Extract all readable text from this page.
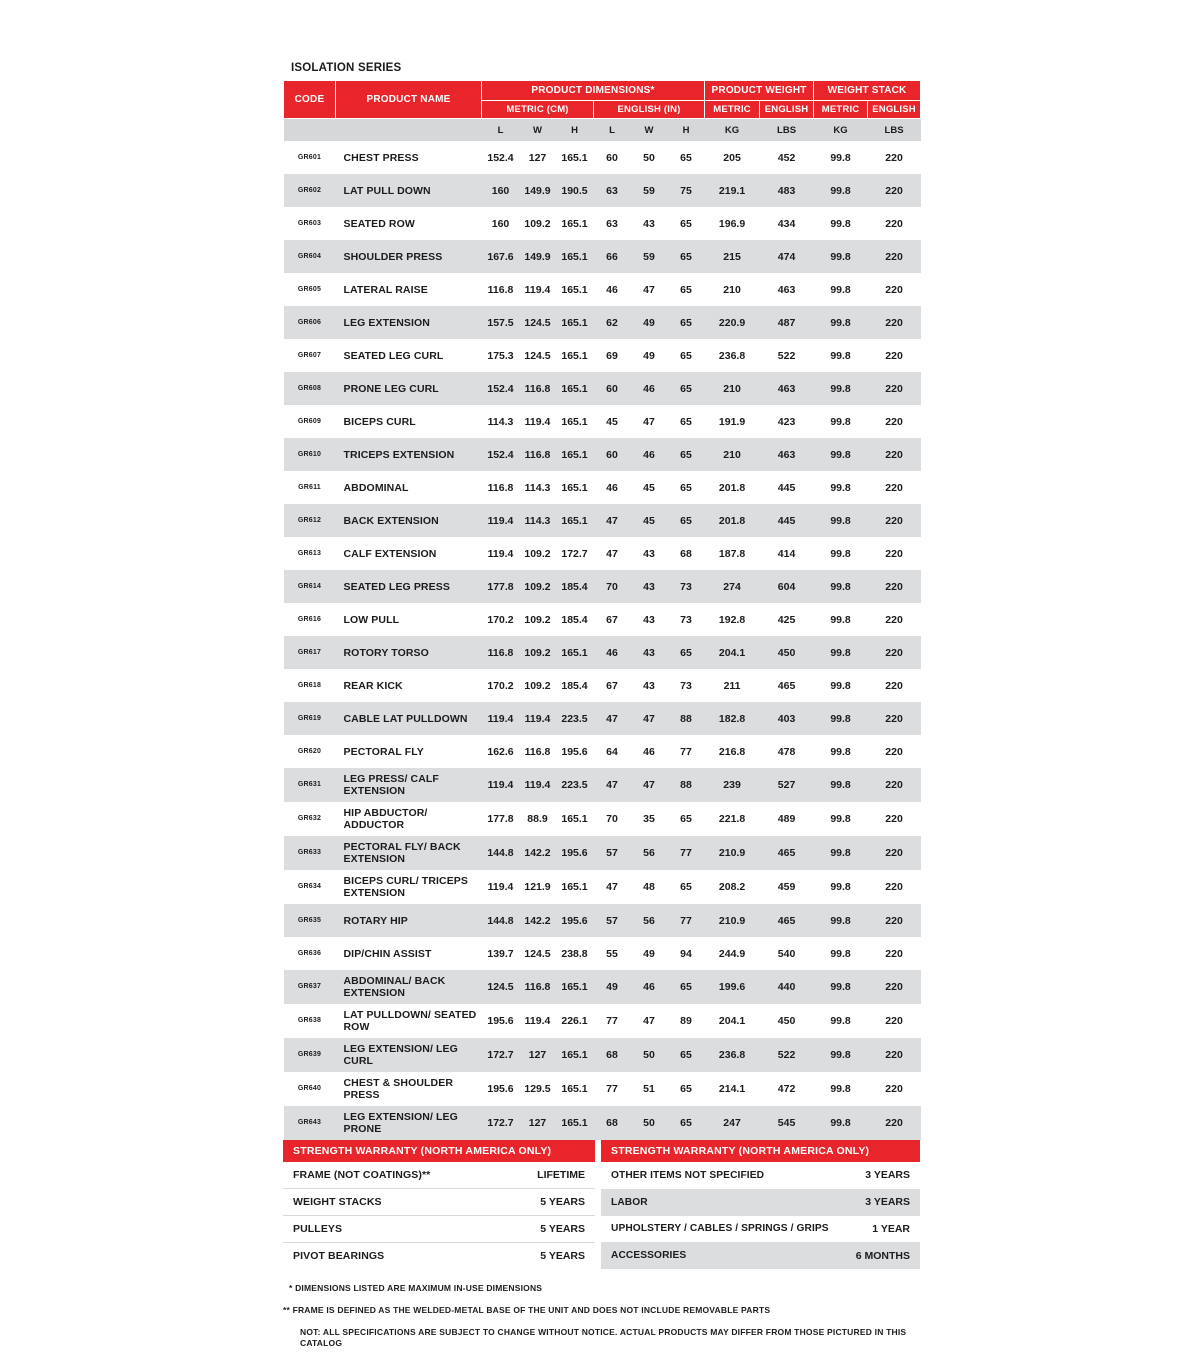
ISOLATION SERIES
CODE	PRODUCT NAME	PRODUCT DIMENSIONS*						PRODUCT WEIGHT		WEIGHT STACK	
		METRIC (CM)			ENGLISH (IN)			METRIC	ENGLISH	METRIC	ENGLISH
		L	W	H	L	W	H	KG	LBS	KG	LBS
GR601	CHEST PRESS	152.4	127	165.1	60	50	65	205	452	99.8	220
GR602	LAT PULL DOWN	160	149.9	190.5	63	59	75	219.1	483	99.8	220
GR603	SEATED ROW	160	109.2	165.1	63	43	65	196.9	434	99.8	220
GR604	SHOULDER PRESS	167.6	149.9	165.1	66	59	65	215	474	99.8	220
GR605	LATERAL RAISE	116.8	119.4	165.1	46	47	65	210	463	99.8	220
GR606	LEG EXTENSION	157.5	124.5	165.1	62	49	65	220.9	487	99.8	220
GR607	SEATED LEG CURL	175.3	124.5	165.1	69	49	65	236.8	522	99.8	220
GR608	PRONE LEG CURL	152.4	116.8	165.1	60	46	65	210	463	99.8	220
GR609	BICEPS CURL	114.3	119.4	165.1	45	47	65	191.9	423	99.8	220
GR610	TRICEPS EXTENSION	152.4	116.8	165.1	60	46	65	210	463	99.8	220
GR611	ABDOMINAL	116.8	114.3	165.1	46	45	65	201.8	445	99.8	220
GR612	BACK EXTENSION	119.4	114.3	165.1	47	45	65	201.8	445	99.8	220
GR613	CALF EXTENSION	119.4	109.2	172.7	47	43	68	187.8	414	99.8	220
GR614	SEATED LEG PRESS	177.8	109.2	185.4	70	43	73	274	604	99.8	220
GR616	LOW PULL	170.2	109.2	185.4	67	43	73	192.8	425	99.8	220
GR617	ROTORY TORSO	116.8	109.2	165.1	46	43	65	204.1	450	99.8	220
GR618	REAR KICK	170.2	109.2	185.4	67	43	73	211	465	99.8	220
GR619	CABLE LAT PULLDOWN	119.4	119.4	223.5	47	47	88	182.8	403	99.8	220
GR620	PECTORAL FLY	162.6	116.8	195.6	64	46	77	216.8	478	99.8	220
GR631	LEG PRESS/ CALF EXTENSION	119.4	119.4	223.5	47	47	88	239	527	99.8	220
GR632	HIP ABDUCTOR/ ADDUCTOR	177.8	88.9	165.1	70	35	65	221.8	489	99.8	220
GR633	PECTORAL FLY/ BACK EXTENSION	144.8	142.2	195.6	57	56	77	210.9	465	99.8	220
GR634	BICEPS CURL/ TRICEPS EXTENSION	119.4	121.9	165.1	47	48	65	208.2	459	99.8	220
GR635	ROTARY HIP	144.8	142.2	195.6	57	56	77	210.9	465	99.8	220
GR636	DIP/CHIN ASSIST	139.7	124.5	238.8	55	49	94	244.9	540	99.8	220
GR637	ABDOMINAL/ BACK EXTENSION	124.5	116.8	165.1	49	46	65	199.6	440	99.8	220
GR638	LAT PULLDOWN/ SEATED ROW	195.6	119.4	226.1	77	47	89	204.1	450	99.8	220
GR639	LEG EXTENSION/ LEG CURL	172.7	127	165.1	68	50	65	236.8	522	99.8	220
GR640	CHEST & SHOULDER PRESS	195.6	129.5	165.1	77	51	65	214.1	472	99.8	220
GR643	LEG EXTENSION/ LEG PRONE	172.7	127	165.1	68	50	65	247	545	99.8	220
STRENGTH WARRANTY (NORTH AMERICA ONLY)	
FRAME (NOT COATINGS)**	LIFETIME
WEIGHT STACKS	5 YEARS
PULLEYS	5 YEARS
PIVOT BEARINGS	5 YEARS
STRENGTH WARRANTY (NORTH AMERICA ONLY)	
OTHER ITEMS NOT SPECIFIED	3 YEARS
LABOR	3 YEARS
UPHOLSTERY / CABLES / SPRINGS / GRIPS	1 YEAR
ACCESSORIES	6 MONTHS
* DIMENSIONS LISTED ARE MAXIMUM IN-USE DIMENSIONS
** FRAME IS DEFINED AS THE WELDED-METAL BASE OF THE UNIT AND DOES NOT INCLUDE REMOVABLE PARTS
NOT: ALL SPECIFICATIONS ARE SUBJECT TO CHANGE WITHOUT NOTICE. ACTUAL PRODUCTS MAY DIFFER FROM THOSE PICTURED IN THIS CATALOG
